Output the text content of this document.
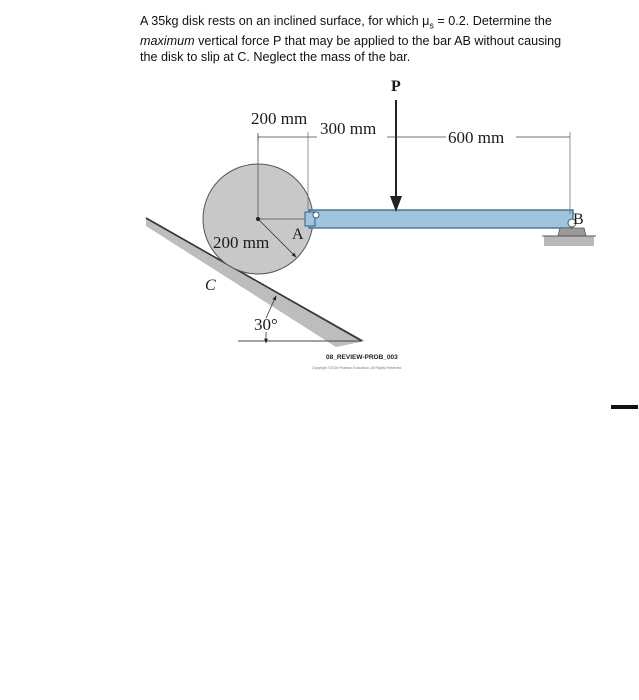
A 35kg disk rests on an inclined surface, for which $\mu_s = 0.2$. Determine the
maximum vertical force P that may be applied to the bar AB without causing
the disk to slip at C. Neglect the mass of the bar.
30°
200 mm A
B
P
200 mm
300 mm	600 mm
C
08_REVIEW-PROB_003
Copyright ©2016 Pearson Education, All Rights Reserved
